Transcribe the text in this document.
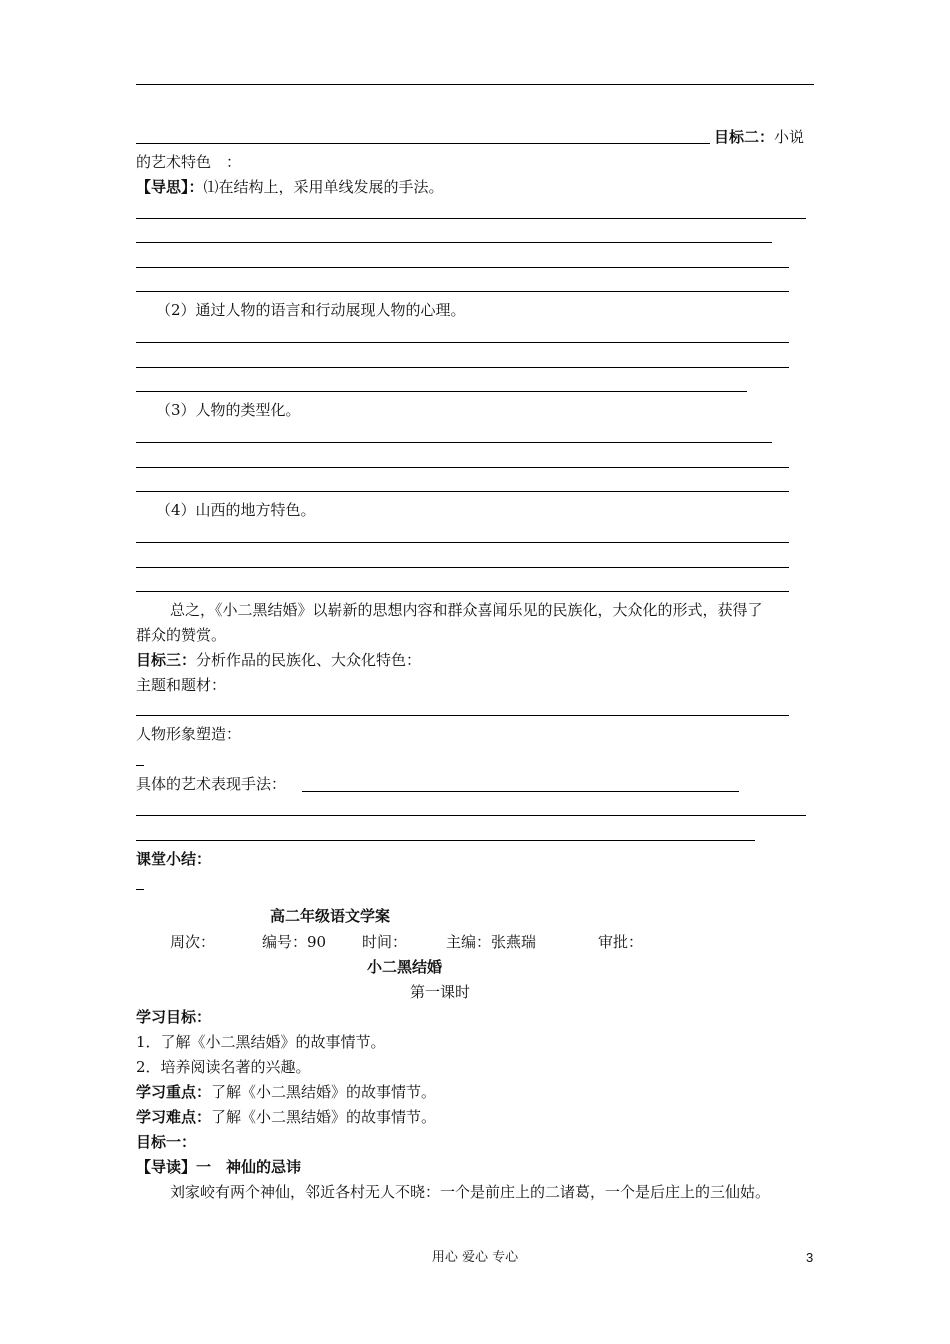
目标二：小说
的艺术特色　：
【导思】：⑴在结构上，采用单线发展的手法。
（2）通过人物的语言和行动展现人物的心理。
（3）人物的类型化。
（4）山西的地方特色。
总之，《小二黑结婚》以崭新的思想内容和群众喜闻乐见的民族化，大众化的形式，获得了
群众的赞赏。
目标三：分析作品的民族化、大众化特色：
主题和题材：
人物形象塑造：
具体的艺术表现手法：
课堂小结：
高二年级语文学案
周次：	编号：90 时间：	主编：张燕瑞	审批：
小二黑结婚
第一课时
学习目标：
1．了解《小二黑结婚》的故事情节。
2．培养阅读名著的兴趣。
学习重点：了解《小二黑结婚》的故事情节。
学习难点：了解《小二黑结婚》的故事情节。
目标一：
【导读】一　神仙的忌讳
刘家峧有两个神仙，邻近各村无人不晓：一个是前庄上的二诸葛，一个是后庄上的三仙姑。
用心 爱心 专心	3
